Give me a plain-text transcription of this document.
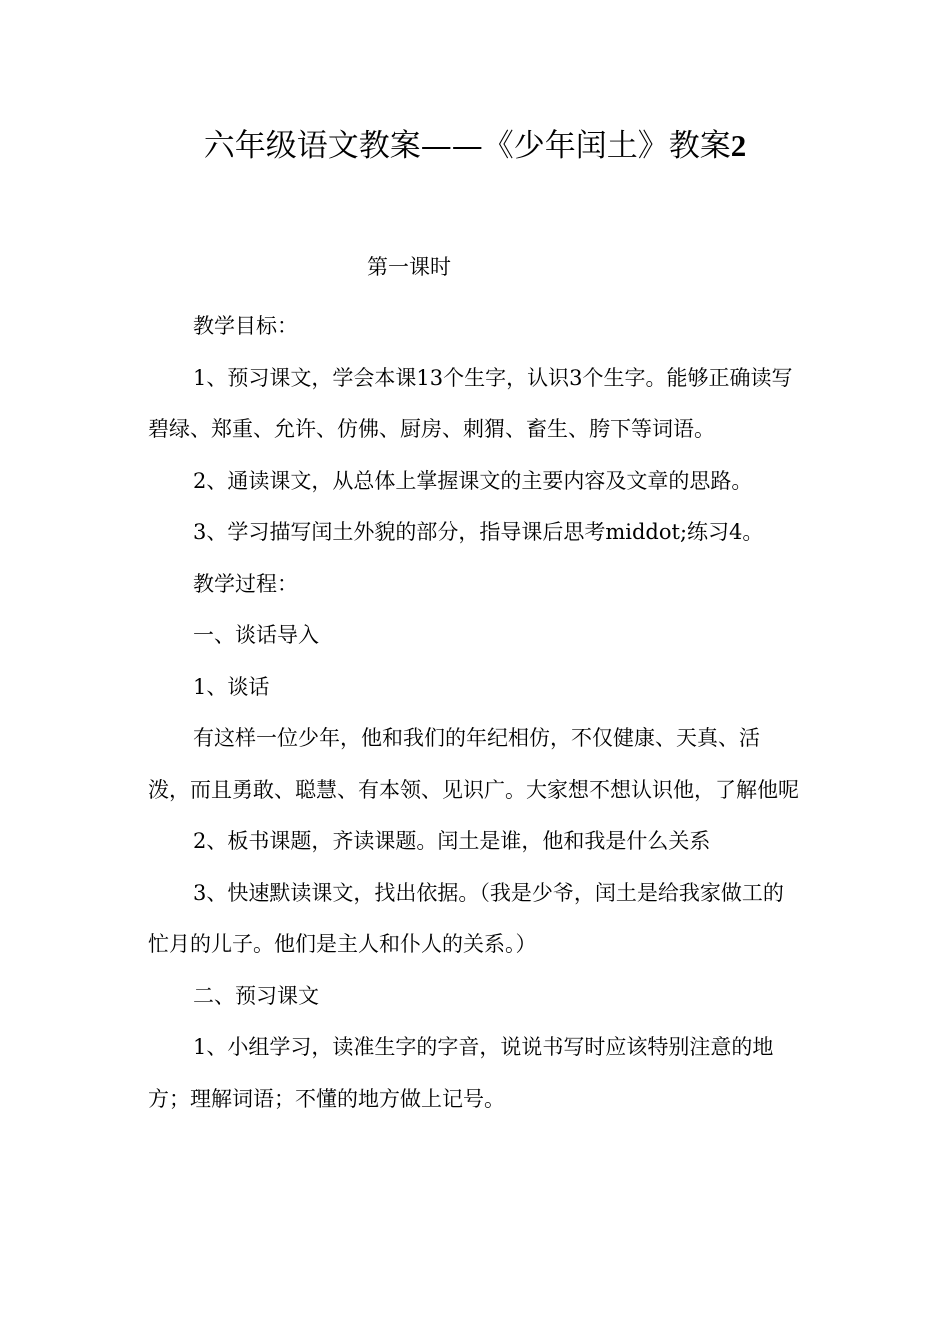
六年级语文教案——《少年闰土》教案2
第一课时

教学目标：

1、预习课文，学会本课13个生字，认识3个生字。能够正确读写碧绿、郑重、允许、仿佛、厨房、刺猬、畜生、胯下等词语。

2、通读课文，从总体上掌握课文的主要内容及文章的思路。

3、学习描写闰土外貌的部分，指导课后思考middot;练习4。

教学过程：

一、谈话导入

1、谈话

有这样一位少年，他和我们的年纪相仿，不仅健康、天真、活泼，而且勇敢、聪慧、有本领、见识广。大家想不想认识他，了解他呢

2、板书课题，齐读课题。闰土是谁，他和我是什么关系

3、快速默读课文，找出依据。（我是少爷，闰土是给我家做工的忙月的儿子。他们是主人和仆人的关系。）

二、预习课文

1、小组学习，读准生字的字音，说说书写时应该特别注意的地方；理解词语；不懂的地方做上记号。
